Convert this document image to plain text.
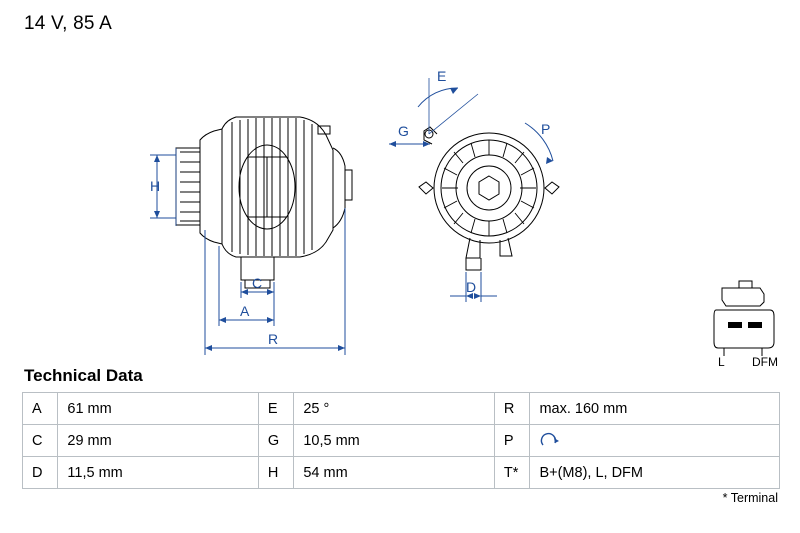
14 V, 85 A
H
C
A
R
E
G	P
D
L DFM
Technical Data
A	61 mm	E	25 °	R	max. 160 mm
C	29 mm	G	10,5 mm	P	

D	11,5 mm	H	54 mm	T*	B+(M8), L, DFM
* Terminal
